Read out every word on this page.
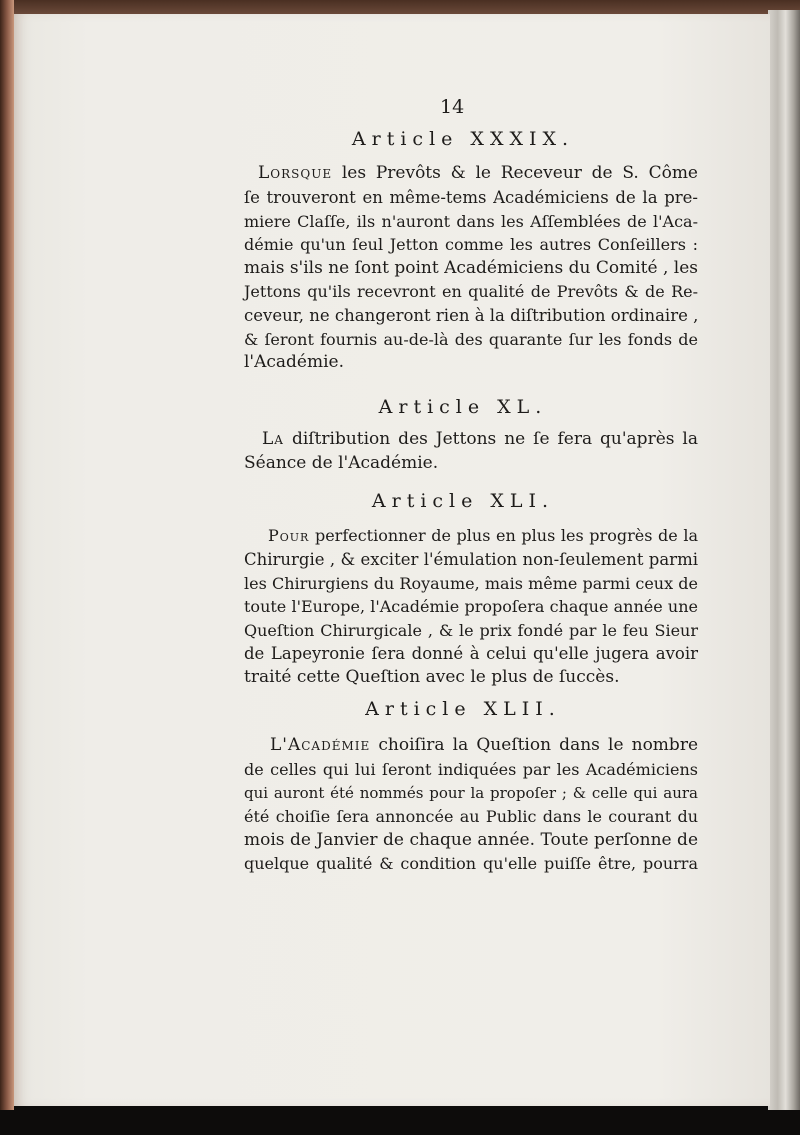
14
Article XXXIX.
Lorsque les Prevôts & le Receveur de S. Côme
ſe trouveront en même-tems Académiciens de la pre-
miere Claſſe, ils n'auront dans les Aſſemblées de l'Aca-
démie qu'un ſeul Jetton comme les autres Conſeillers :
mais s'ils ne ſont point Académiciens du Comité , les
Jettons qu'ils recevront en qualité de Prevôts & de Re-
ceveur, ne changeront rien à la diſtribution ordinaire ,
& ſeront fournis au-de-là des quarante ſur les fonds de
l'Académie.
Article XL.
La diſtribution des Jettons ne ſe fera qu'après la
Séance de l'Académie.
Article XLI.
Pour perfectionner de plus en plus les progrès de la
Chirurgie , & exciter l'émulation non-ſeulement parmi
les Chirurgiens du Royaume, mais même parmi ceux de
toute l'Europe, l'Académie propoſera chaque année une
Queſtion Chirurgicale , & le prix fondé par le feu Sieur
de Lapeyronie ſera donné à celui qu'elle jugera avoir
traité cette Queſtion avec le plus de ſuccès.
Article XLII.
L'Académie choiſira la Queſtion dans le nombre
de celles qui lui ſeront indiquées par les Académiciens
qui auront été nommés pour la propoſer ; & celle qui aura
été choiſie ſera annoncée au Public dans le courant du
mois de Janvier de chaque année. Toute perſonne de
quelque qualité & condition qu'elle puiſſe être, pourra
